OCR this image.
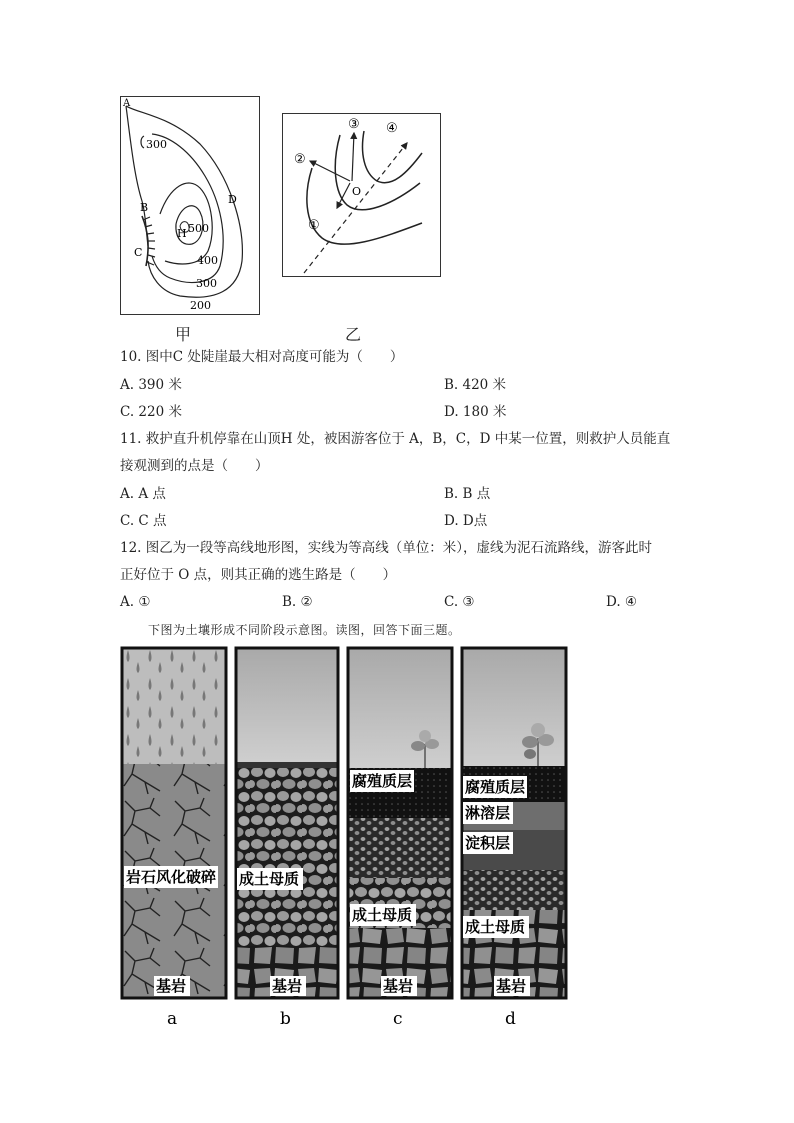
A
B
C
D
H
300
500
400
300
200
甲
O
①
②
③ ④
乙
10. 图中C 处陡崖最大相对高度可能为（　　）
A. 390 米	B. 420 米
C. 220 米	D. 180 米
11. 救护直升机停靠在山顶H 处，被困游客位于 A，B，C，D 中某一位置，则救护人员能直
接观测到的点是（　　）
A. A 点	B. B 点
C. C 点	D. D点
12. 图乙为一段等高线地形图，实线为等高线（单位：米），虚线为泥石流路线，游客此时
正好位于 O 点，则其正确的逃生路是（　　）
A. ①	B. ②	C. ③	D. ④
下图为土壤形成不同阶段示意图。读图，回答下面三题。
岩石风化破碎
基岩
a
成土母质
基岩
b
腐殖质层
成土母质
基岩
c
腐殖质层
淋溶层
淀积层
成土母质
基岩
d
